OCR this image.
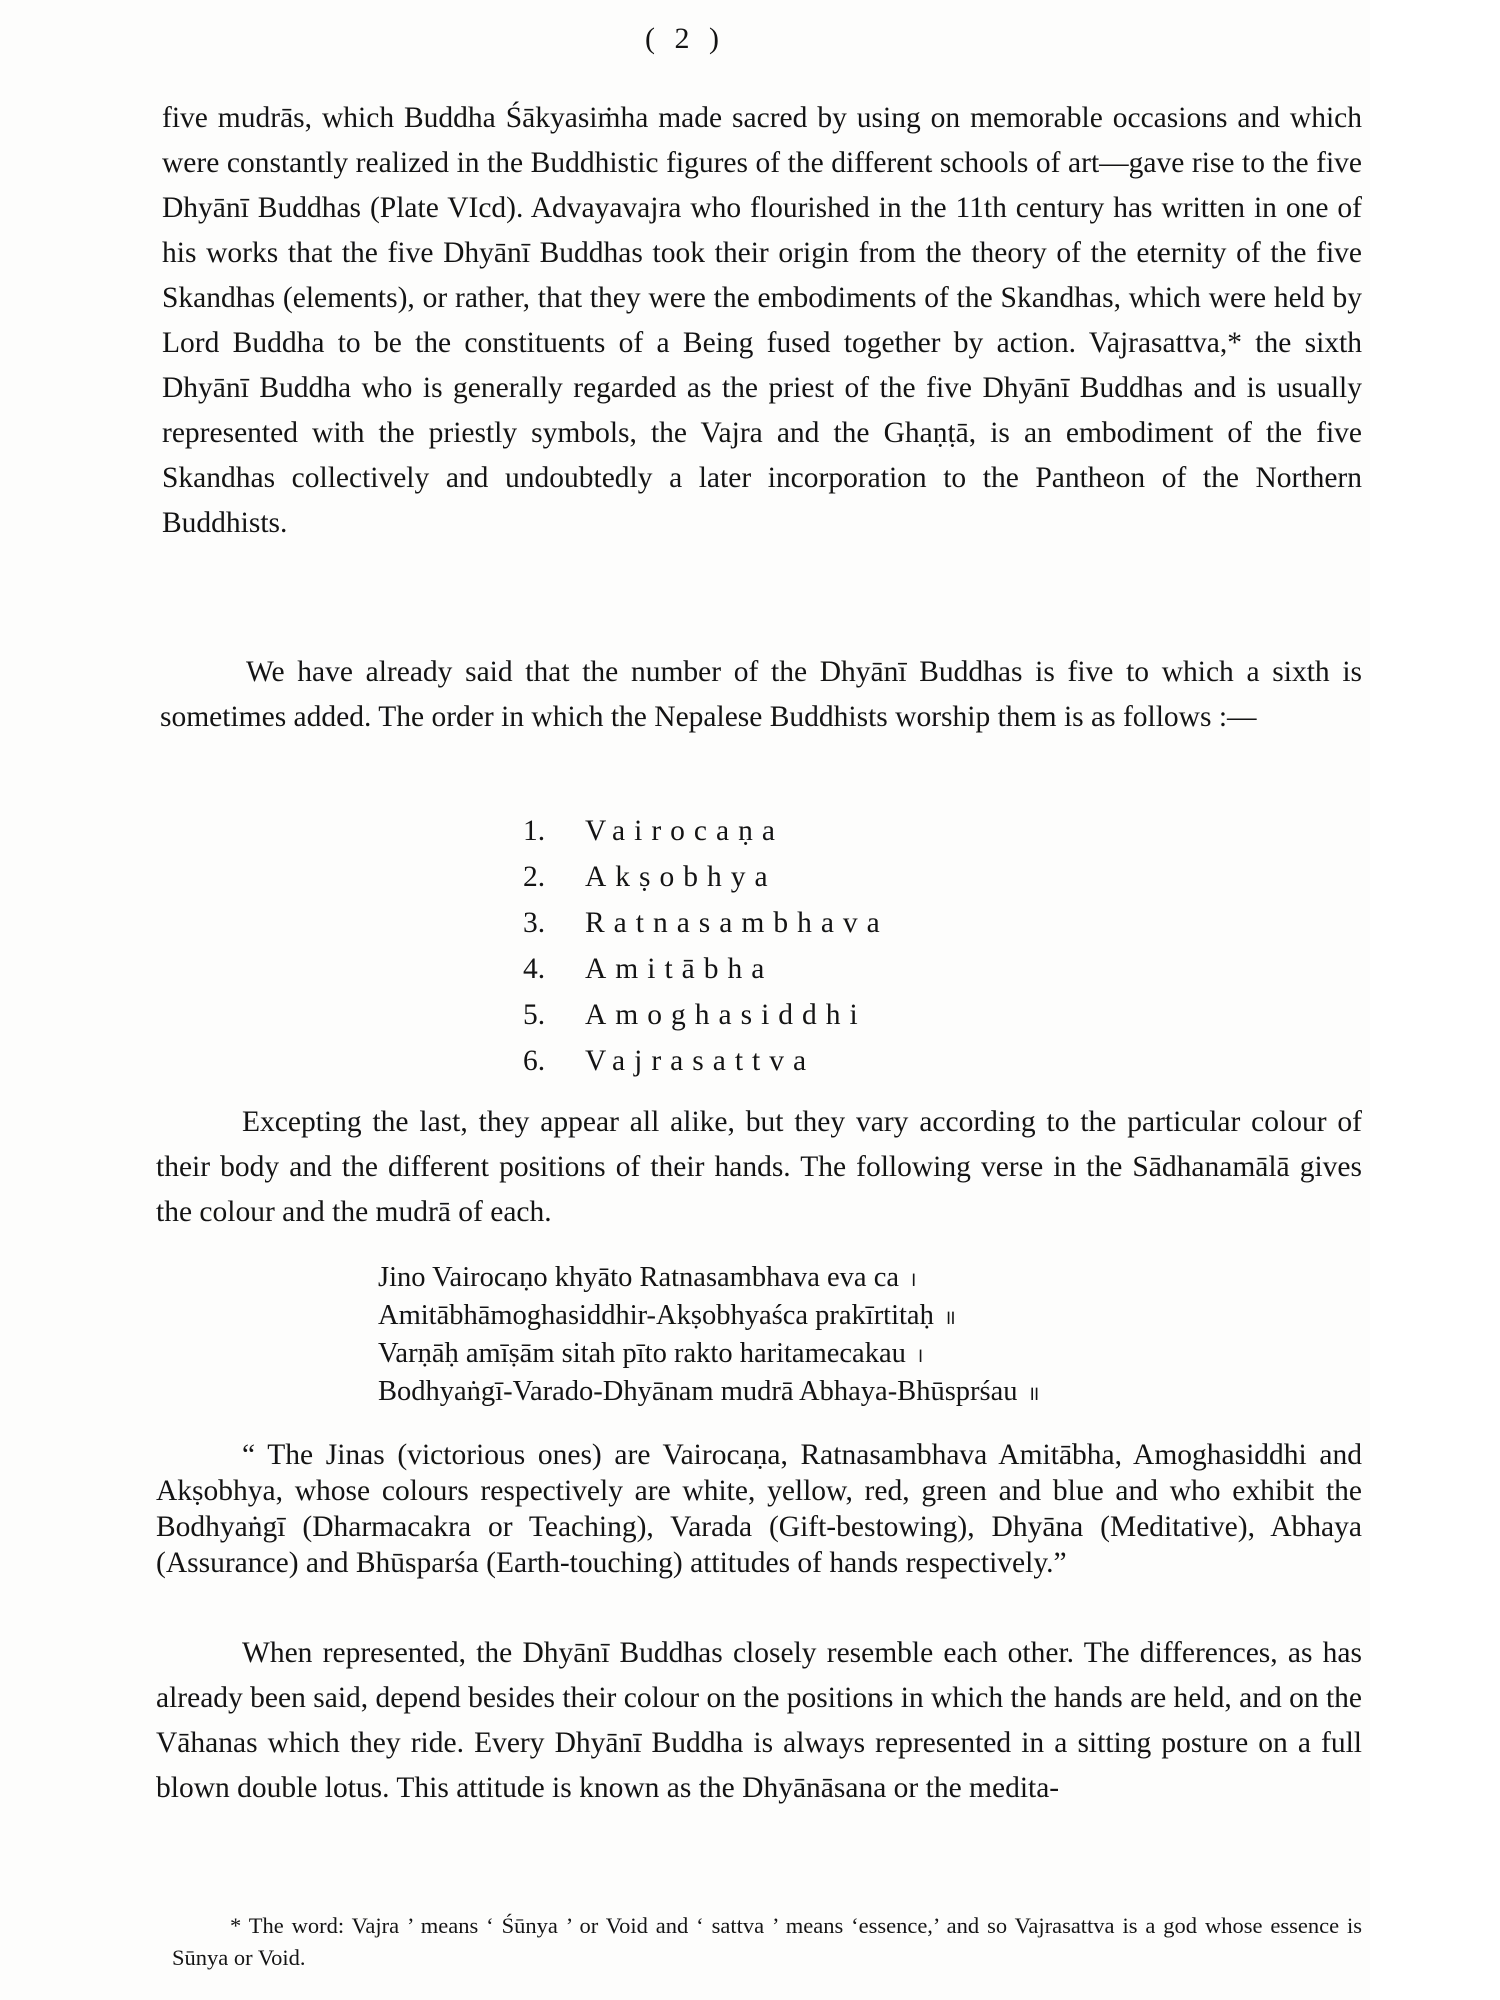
( 2 )

five mudrās, which Buddha Śākyasiṁha made sacred by using on memorable occasions and which were constantly realized in the Buddhistic figures of the different schools of art—gave rise to the five Dhyānī Buddhas (Plate VIcd). Advayavajra who flourished in the 11th century has written in one of his works that the five Dhyānī Buddhas took their origin from the theory of the eternity of the five Skandhas (elements), or rather, that they were the embodiments of the Skandhas, which were held by Lord Buddha to be the constituents of a Being fused together by action. Vajrasattva,* the sixth Dhyānī Buddha who is generally regarded as the priest of the five Dhyānī Buddhas and is usually represented with the priestly symbols, the Vajra and the Ghaṇṭā, is an embodiment of the five Skandhas collectively and undoubtedly a later incorporation to the Pantheon of the Northern Buddhists.

We have already said that the number of the Dhyānī Buddhas is five to which a sixth is sometimes added. The order in which the Nepalese Buddhists worship them is as follows :—

1. Vairocaṇa
2. Akṣobhya
3. Ratnasambhava
4. Amitābha
5. Amoghasiddhi
6. Vajrasattva

Excepting the last, they appear all alike, but they vary according to the particular colour of their body and the different positions of their hands. The following verse in the Sādhanamālā gives the colour and the mudrā of each.

Jino Vairocaṇo khyāto Ratnasambhava eva ca ।
Amitābhāmoghasiddhir-Akṣobhyaśca prakīrtitaḥ ॥
Varṇāḥ amīṣām sitah pīto rakto haritamecakau ।
Bodhyaṅgī-Varado-Dhyānam mudrā Abhaya-Bhūsprśau ॥

“ The Jinas (victorious ones) are Vairocaṇa, Ratnasambhava Amitābha, Amoghasiddhi and Akṣobhya, whose colours respectively are white, yellow, red, green and blue and who exhibit the Bodhyaṅgī (Dharmacakra or Teaching), Varada (Gift-bestowing), Dhyāna (Meditative), Abhaya (Assurance) and Bhūsparśa (Earth-touching) attitudes of hands respectively.”

When represented, the Dhyānī Buddhas closely resemble each other. The differences, as has already been said, depend besides their colour on the positions in which the hands are held, and on the Vāhanas which they ride. Every Dhyānī Buddha is always represented in a sitting posture on a full blown double lotus. This attitude is known as the Dhyānāsana or the medita-

* The word: Vajra ’ means ‘ Śūnya ’ or Void and ‘ sattva ’ means ‘essence,’ and so Vajrasattva is a god whose essence is Sūnya or Void.
